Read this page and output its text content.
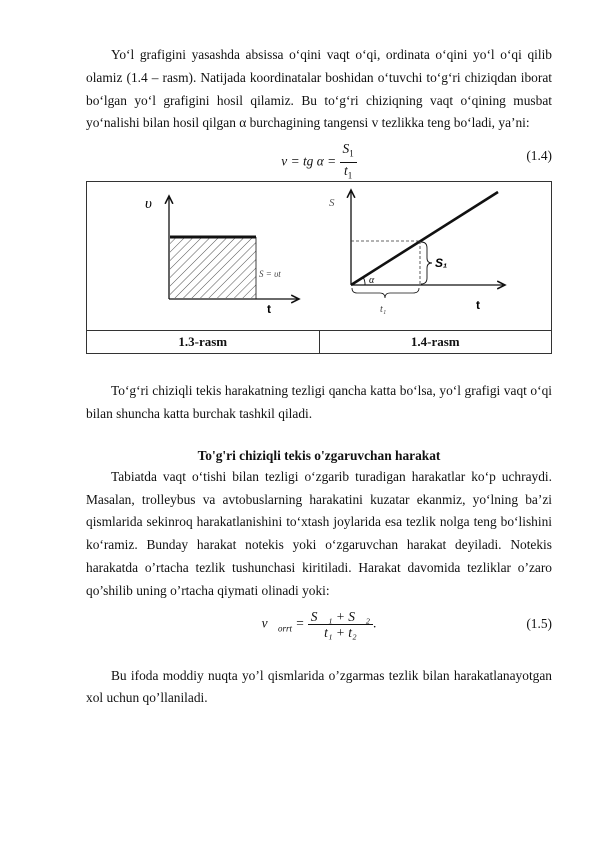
Yo‘l grafigini yasashda absissa o‘qini vaqt o‘qi, ordinata o‘qini yo‘l o‘qi qilib olamiz (1.4 – rasm). Natijada koordinatalar boshidan o‘tuvchi to‘g‘ri chiziqdan iborat bo‘lgan yo‘l grafigini hosil qilamiz. Bu to‘g‘ri chiziqning vaqt o‘qining musbat yo‘nalishi bilan hosil qilgan α burchagining tangensi v tezlikka teng bo‘ladi, ya’ni:

v = tg $\alpha = \frac{S_1}{t_1}$	(1.4)
υ
t
S = υt
α
S₁
t₁
S
t

1.3-rasm	1.4-rasm

To‘g‘ri chiziqli tekis harakatning tezligi qancha katta bo‘lsa, yo‘l grafigi vaqt o‘qi bilan shuncha katta burchak tashkil qiladi.

To'g'ri chiziqli tekis o'zgaruvchan harakat

Tabiatda vaqt o‘tishi bilan tezligi o‘zgarib turadigan harakatlar ko‘p uchraydi. Masalan, trolleybus va avtobuslarning harakatini kuzatar ekanmiz, yo‘lning ba’zi qismlarida sekinroq harakatlanishini to‘xtash joylarida esa tezlik nolga teng bo‘lishini ko‘ramiz. Bunday harakat notekis yoki o‘zgaruvchan harakat deyiladi. Notekis harakatda o’rtacha tezlik tushunchasi kiritiladi. Harakat davomida tezliklar o’zaro qo’shilib uning o’rtacha qiymati olinadi yoki:

$v⃗_{orrt} = \frac{\text{S⃗₁ + S⃗₂}}{\text{t₁ + t₂}}$ .	(1.5)

Bu ifoda moddiy nuqta yo’l qismlarida o’zgarmas tezlik bilan harakatlanayotgan xol uchun qo’llaniladi.
